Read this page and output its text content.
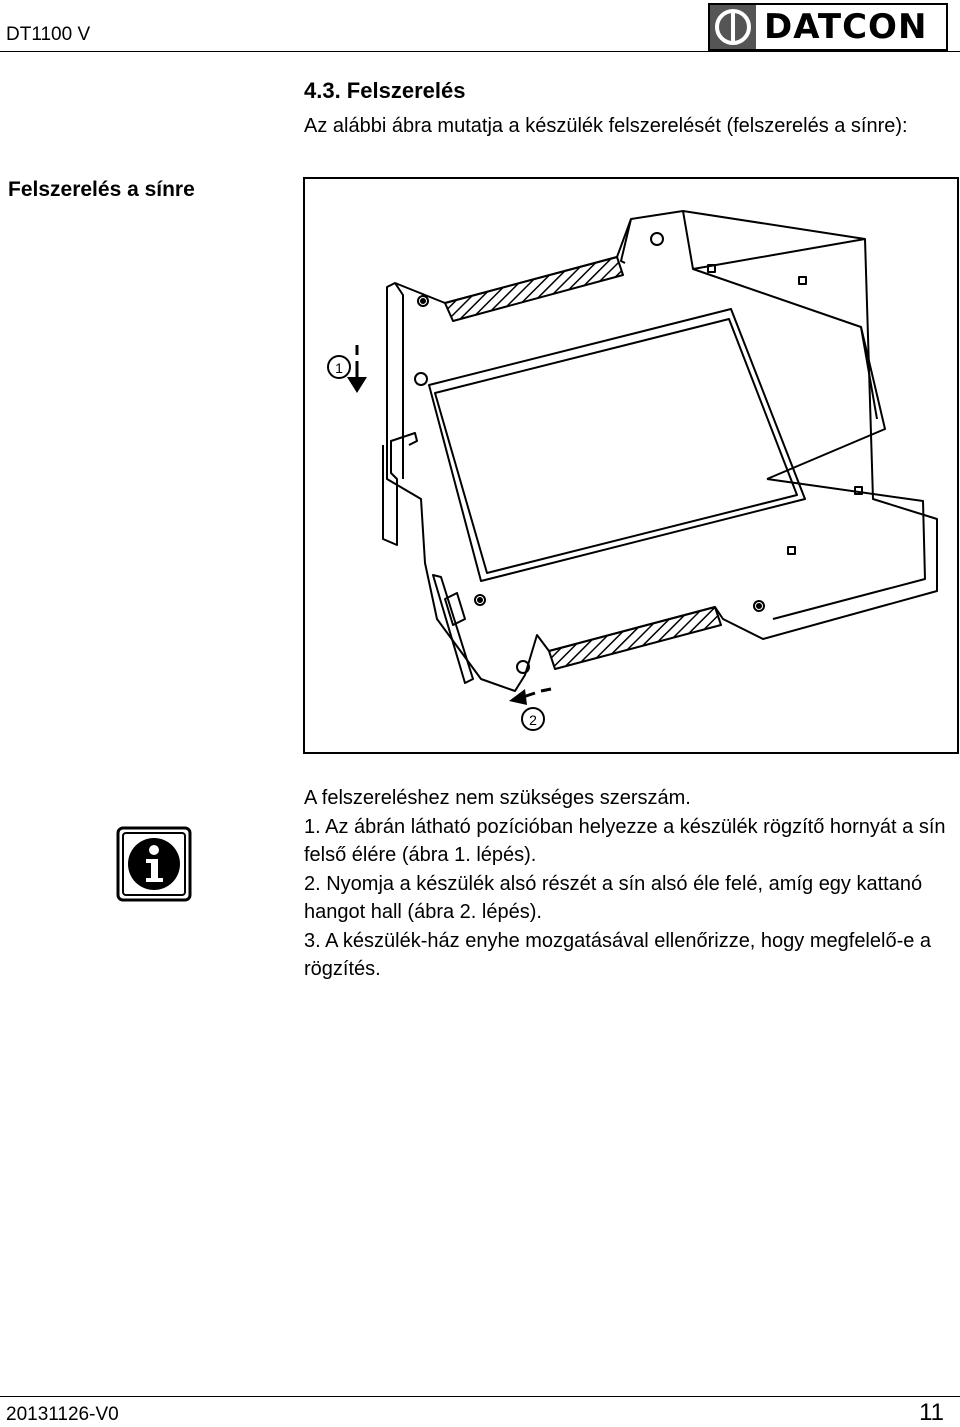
DT1100 V	DATCON
4.3. Felszerelés
Az alábbi ábra mutatja a készülék felszerelését (felszerelés a sínre):
Felszerelés a sínre
1
2

A felszereléshez nem szükséges szerszám.

1. Az ábrán látható pozícióban helyezze a készülék rögzítő hornyát a sín felső élére (ábra 1. lépés).

2. Nyomja a készülék alsó részét a sín alsó éle felé, amíg egy kattanó hangot hall (ábra 2. lépés).

3. A készülék-ház enyhe mozgatásával ellenőrizze, hogy megfelelő-e a rögzítés.

20131126-V0	11
